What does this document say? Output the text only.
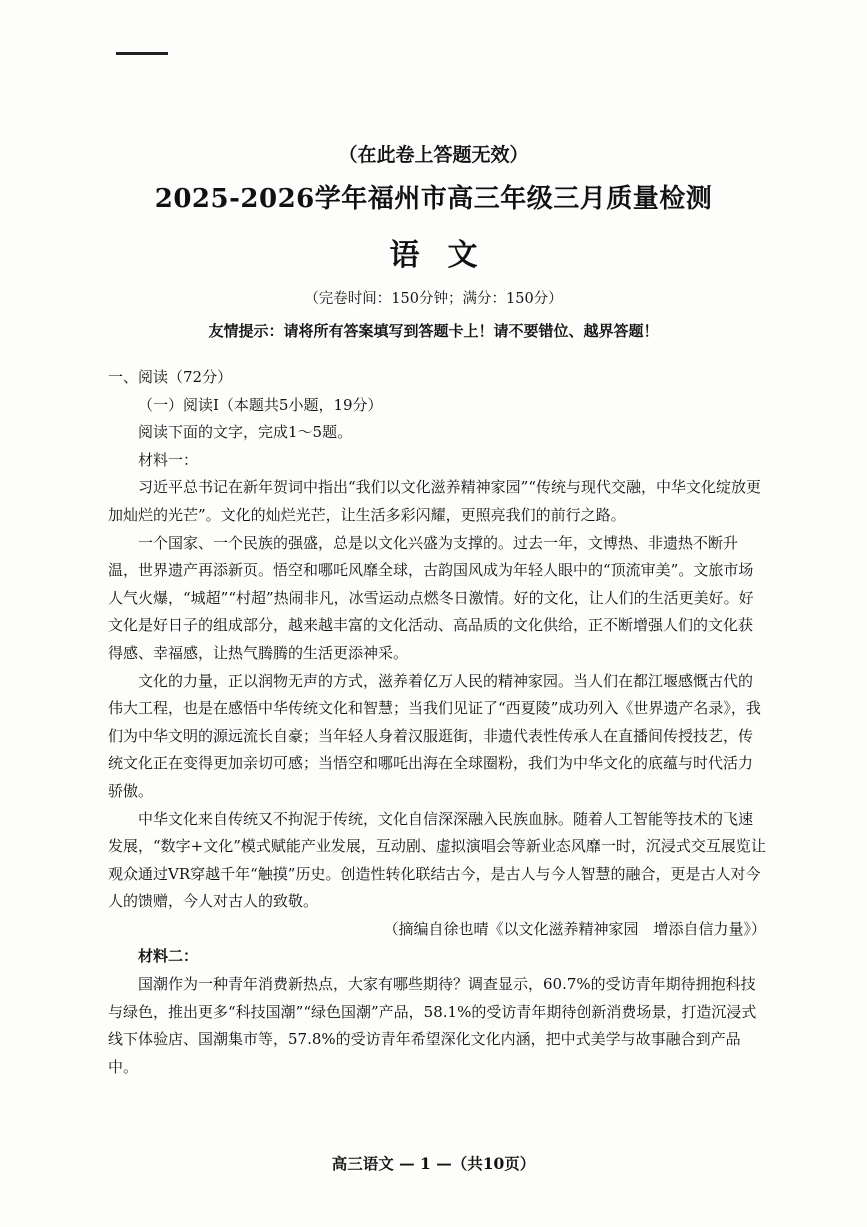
（在此卷上答题无效）
2025-2026学年福州市高三年级三月质量检测
语文
（完卷时间：150分钟；满分：150分）
友情提示：请将所有答案填写到答题卡上！请不要错位、越界答题！

一、阅读（72分）

（一）阅读Ⅰ（本题共5小题，19分）

阅读下面的文字，完成1～5题。

材料一：

习近平总书记在新年贺词中指出“我们以文化滋养精神家园”“传统与现代交融，中华文化绽放更加灿烂的光芒”。文化的灿烂光芒，让生活多彩闪耀，更照亮我们的前行之路。

一个国家、一个民族的强盛，总是以文化兴盛为支撑的。过去一年，文博热、非遗热不断升温，世界遗产再添新页。悟空和哪吒风靡全球，古韵国风成为年轻人眼中的“顶流审美”。文旅市场人气火爆，“城超”“村超”热闹非凡，冰雪运动点燃冬日激情。好的文化，让人们的生活更美好。好文化是好日子的组成部分，越来越丰富的文化活动、高品质的文化供给，正不断增强人们的文化获得感、幸福感，让热气腾腾的生活更添神采。

文化的力量，正以润物无声的方式，滋养着亿万人民的精神家园。当人们在都江堰感慨古代的伟大工程，也是在感悟中华传统文化和智慧；当我们见证了“西夏陵”成功列入《世界遗产名录》，我们为中华文明的源远流长自豪；当年轻人身着汉服逛街，非遗代表性传承人在直播间传授技艺，传统文化正在变得更加亲切可感；当悟空和哪吒出海在全球圈粉，我们为中华文化的底蕴与时代活力骄傲。

中华文化来自传统又不拘泥于传统，文化自信深深融入民族血脉。随着人工智能等技术的飞速发展，“数字+文化”模式赋能产业发展，互动剧、虚拟演唱会等新业态风靡一时，沉浸式交互展览让观众通过VR穿越千年“触摸”历史。创造性转化联结古今，是古人与今人智慧的融合，更是古人对今人的馈赠，今人对古人的致敬。

（摘编自徐也晴《以文化滋养精神家园　增添自信力量》）

材料二：

国潮作为一种青年消费新热点，大家有哪些期待？调查显示，60.7%的受访青年期待拥抱科技与绿色，推出更多“科技国潮”“绿色国潮”产品，58.1%的受访青年期待创新消费场景，打造沉浸式线下体验店、国潮集市等，57.8%的受访青年希望深化文化内涵，把中式美学与故事融合到产品中。

高三语文 — 1 —（共10页）
